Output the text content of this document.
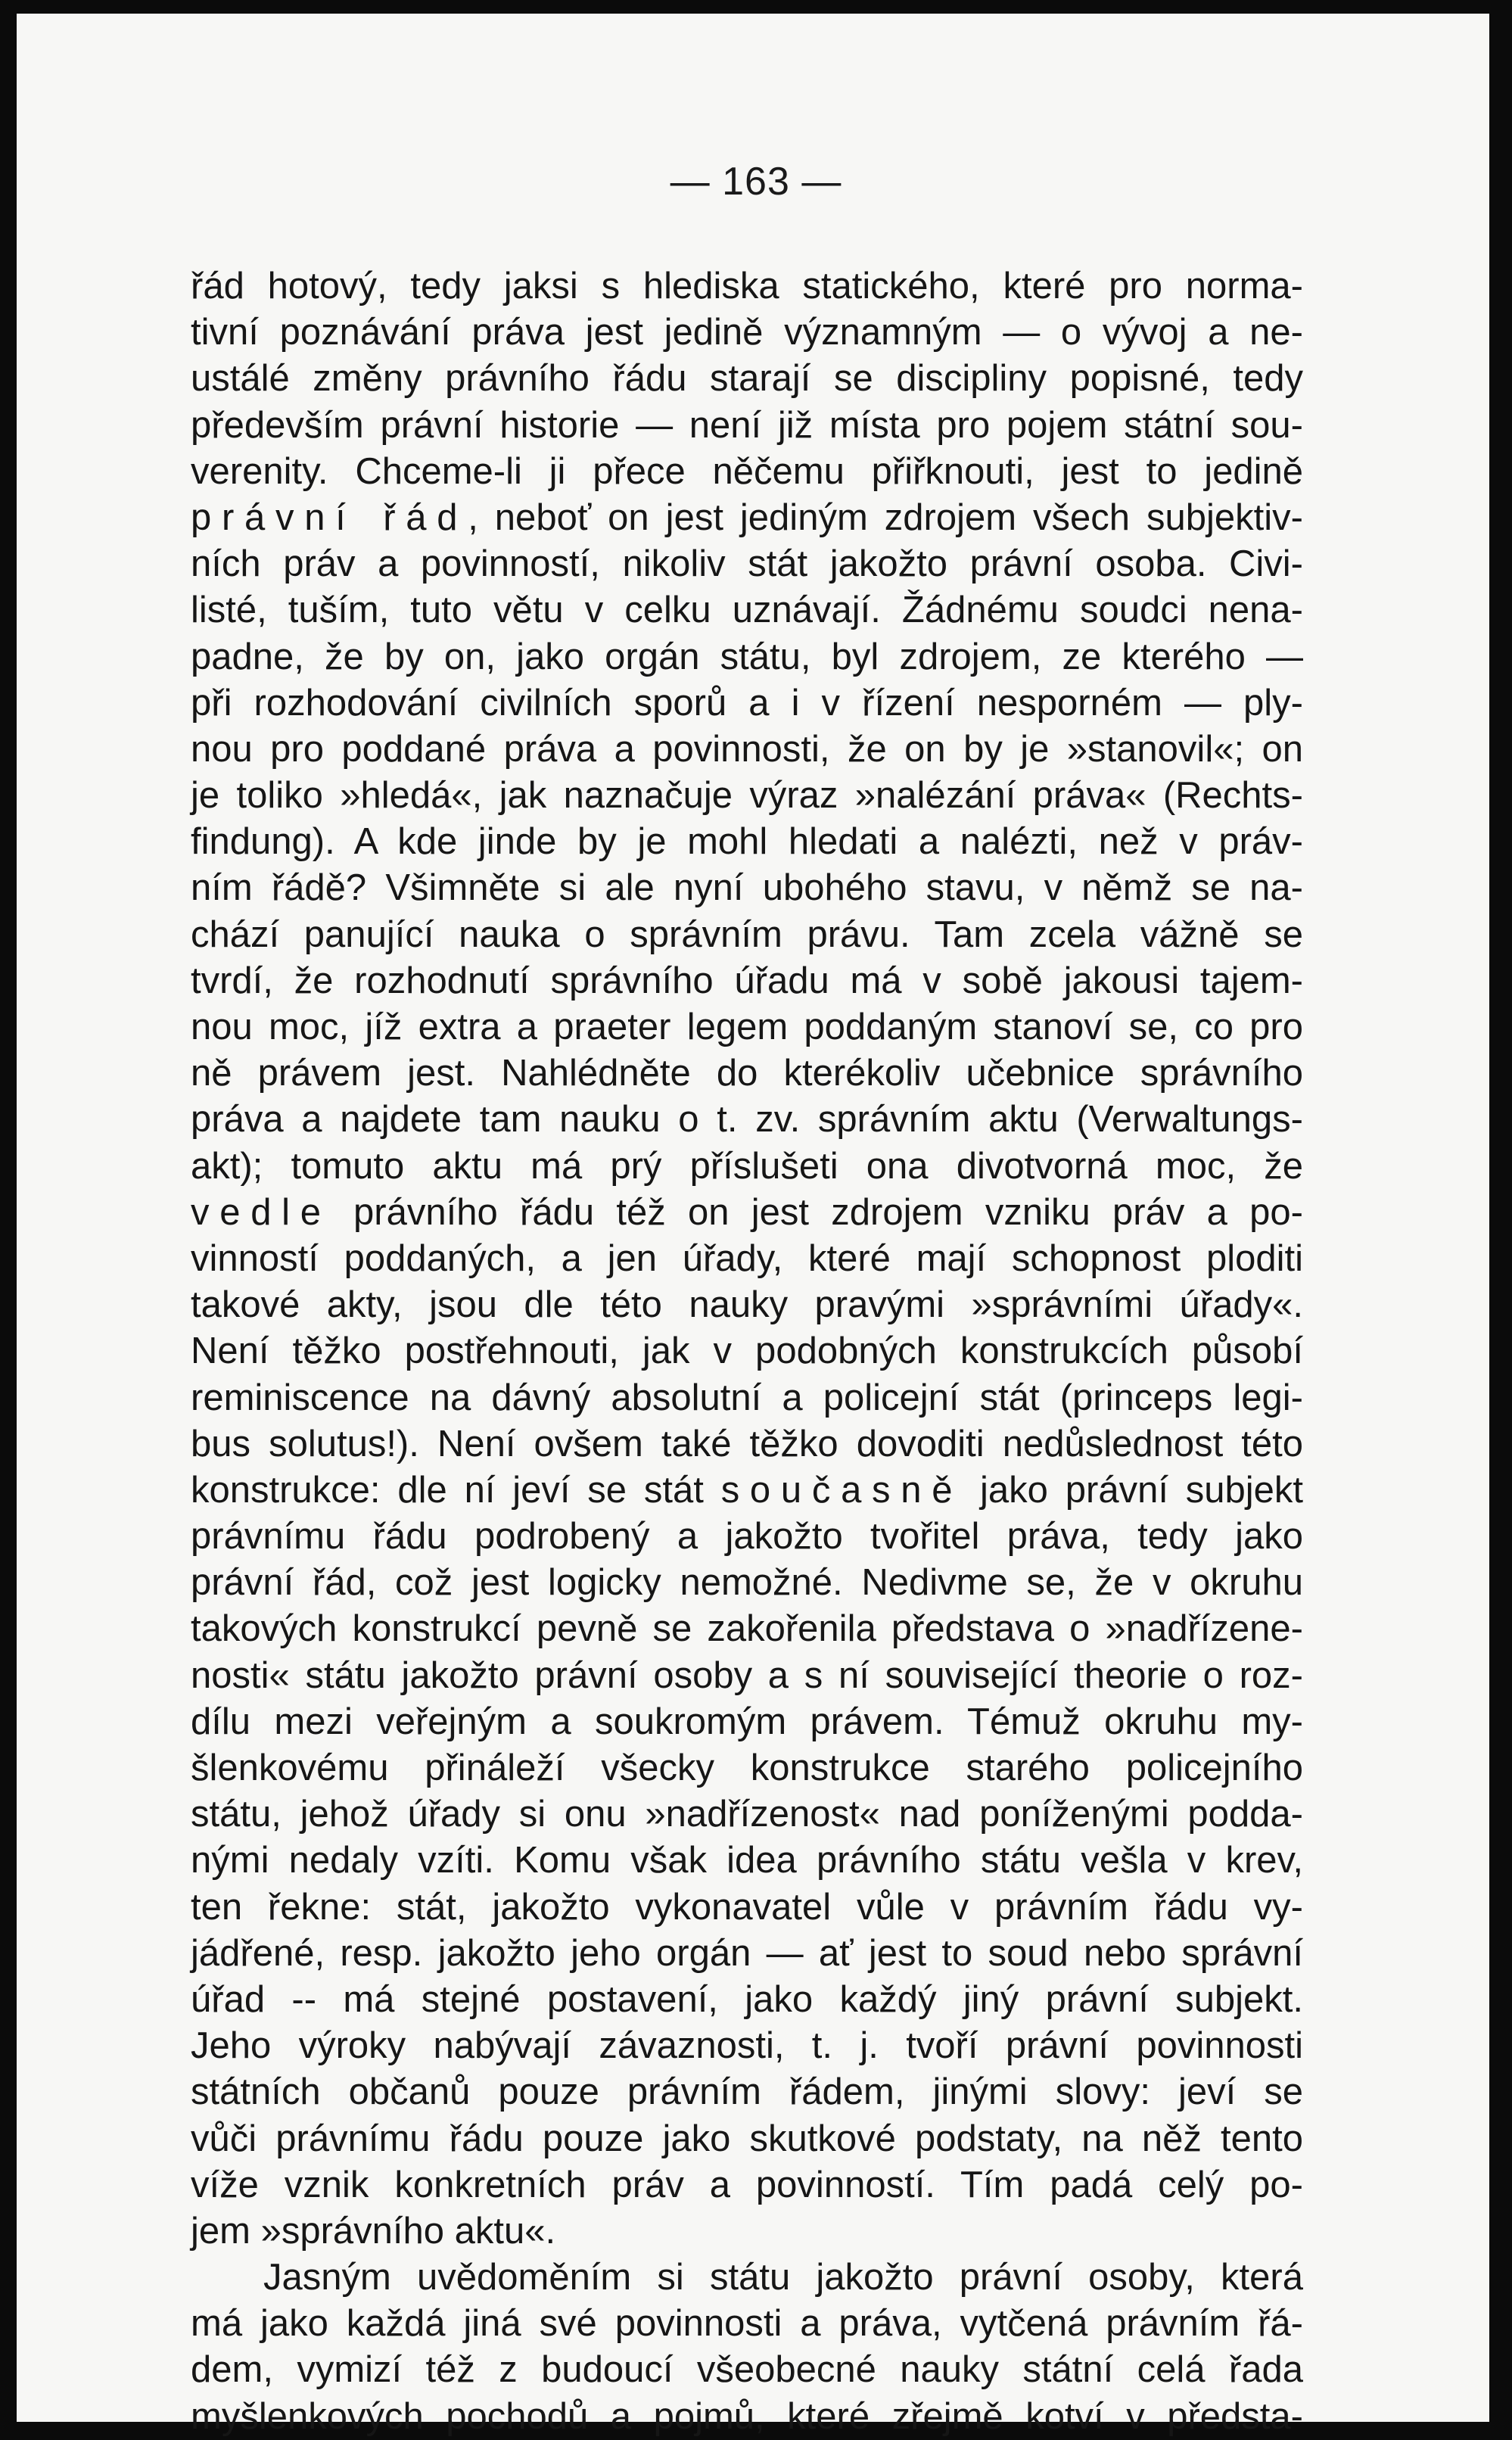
— 163 —
řád hotový, tedy jaksi s hlediska statického, které pro norma-
tivní poznávání práva jest jedině významným — o vývoj a ne-
ustálé změny právního řádu starají se discipliny popisné, tedy
především právní historie — není již místa pro pojem státní sou-
verenity. Chceme-li ji přece něčemu přiřknouti, jest to jedině
právní řád, neboť on jest jediným zdrojem všech subjektiv-
ních práv a povinností, nikoliv stát jakožto právní osoba. Civi-
listé, tuším, tuto větu v celku uznávají. Žádnému soudci nena-
padne, že by on, jako orgán státu, byl zdrojem, ze kterého —
při rozhodování civilních sporů a i v řízení nesporném — ply-
nou pro poddané práva a povinnosti, že on by je »stanovil«; on
je toliko »hledá«, jak naznačuje výraz »nalézání práva« (Rechts-
findung). A kde jinde by je mohl hledati a nalézti, než v práv-
ním řádě? Všimněte si ale nyní ubohého stavu, v němž se na-
chází panující nauka o správním právu. Tam zcela vážně se
tvrdí, že rozhodnutí správního úřadu má v sobě jakousi tajem-
nou moc, jíž extra a praeter legem poddaným stanoví se, co pro
ně právem jest. Nahlédněte do kterékoliv učebnice správního
práva a najdete tam nauku o t. zv. správním aktu (Verwaltungs-
akt); tomuto aktu má prý příslušeti ona divotvorná moc, že
vedle právního řádu též on jest zdrojem vzniku práv a po-
vinností poddaných, a jen úřady, které mají schopnost ploditi
takové akty, jsou dle této nauky pravými »správními úřady«.
Není těžko postřehnouti, jak v podobných konstrukcích působí
reminiscence na dávný absolutní a policejní stát (princeps legi-
bus solutus!). Není ovšem také těžko dovoditi nedůslednost této
konstrukce: dle ní jeví se stát současně jako právní subjekt
právnímu řádu podrobený a jakožto tvořitel práva, tedy jako
právní řád, což jest logicky nemožné. Nedivme se, že v okruhu
takových konstrukcí pevně se zakořenila představa o »nadřízene-
nosti« státu jakožto právní osoby a s ní související theorie o roz-
dílu mezi veřejným a soukromým právem. Témuž okruhu my-
šlenkovému přináleží všecky konstrukce starého policejního
státu, jehož úřady si onu »nadřízenost« nad poníženými podda-
nými nedaly vzíti. Komu však idea právního státu vešla v krev,
ten řekne: stát, jakožto vykonavatel vůle v právním řádu vy-
jádřené, resp. jakožto jeho orgán — ať jest to soud nebo správní
úřad -- má stejné postavení, jako každý jiný právní subjekt.
Jeho výroky nabývají závaznosti, t. j. tvoří právní povinnosti
státních občanů pouze právním řádem, jinými slovy: jeví se
vůči právnímu řádu pouze jako skutkové podstaty, na něž tento
víže vznik konkretních práv a povinností. Tím padá celý po-
jem »správního aktu«.
Jasným uvědoměním si státu jakožto právní osoby, která
má jako každá jiná své povinnosti a práva, vytčená právním řá-
dem, vymizí též z budoucí všeobecné nauky státní celá řada
myšlenkových pochodů a pojmů, které zřejmě kotví v předsta-
